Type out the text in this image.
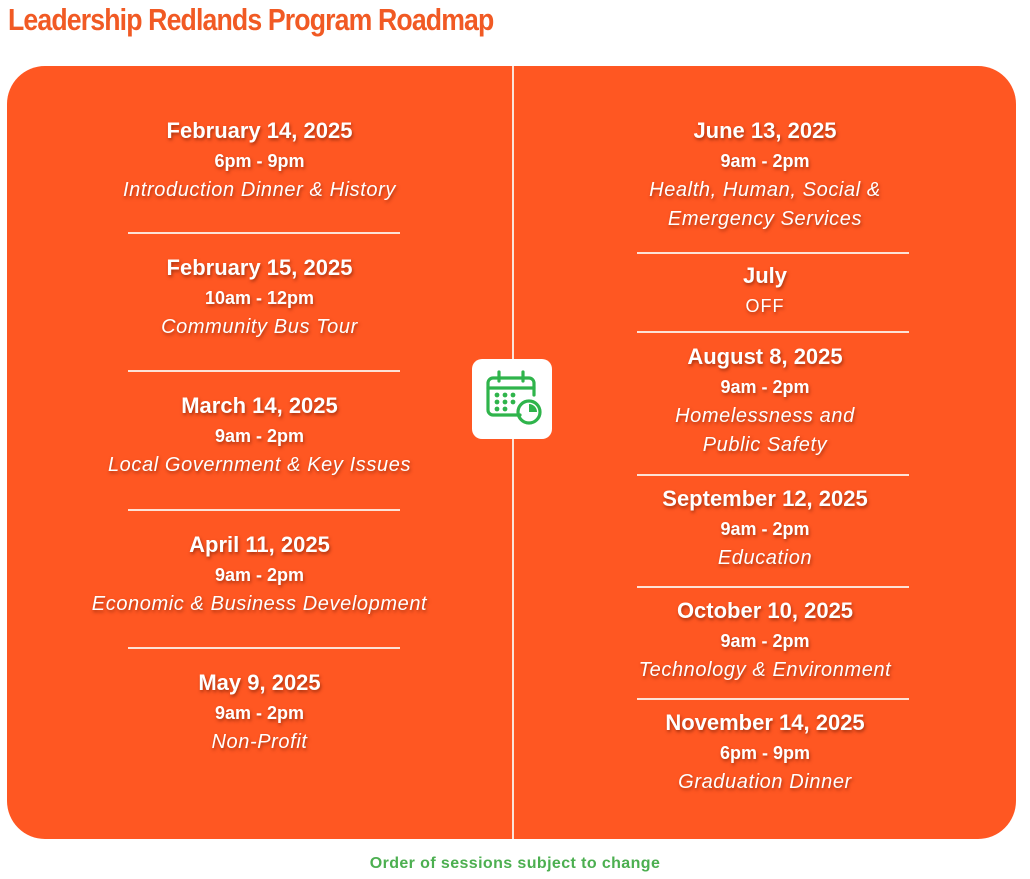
Leadership Redlands Program Roadmap
February 14, 2025
6pm - 9pm
Introduction Dinner & History
February 15, 2025
10am - 12pm
Community Bus Tour
March 14, 2025
9am - 2pm
Local Government & Key Issues
April 11, 2025
9am - 2pm
Economic & Business Development
May 9, 2025
9am - 2pm
Non-Profit
June 13, 2025
9am - 2pm
Health, Human, Social &
Emergency Services
July
OFF
August 8, 2025
9am - 2pm
Homelessness and
Public Safety
September 12, 2025
9am - 2pm
Education
October 10, 2025
9am - 2pm
Technology & Environment
November 14, 2025
6pm - 9pm
Graduation Dinner
Order of sessions subject to change
